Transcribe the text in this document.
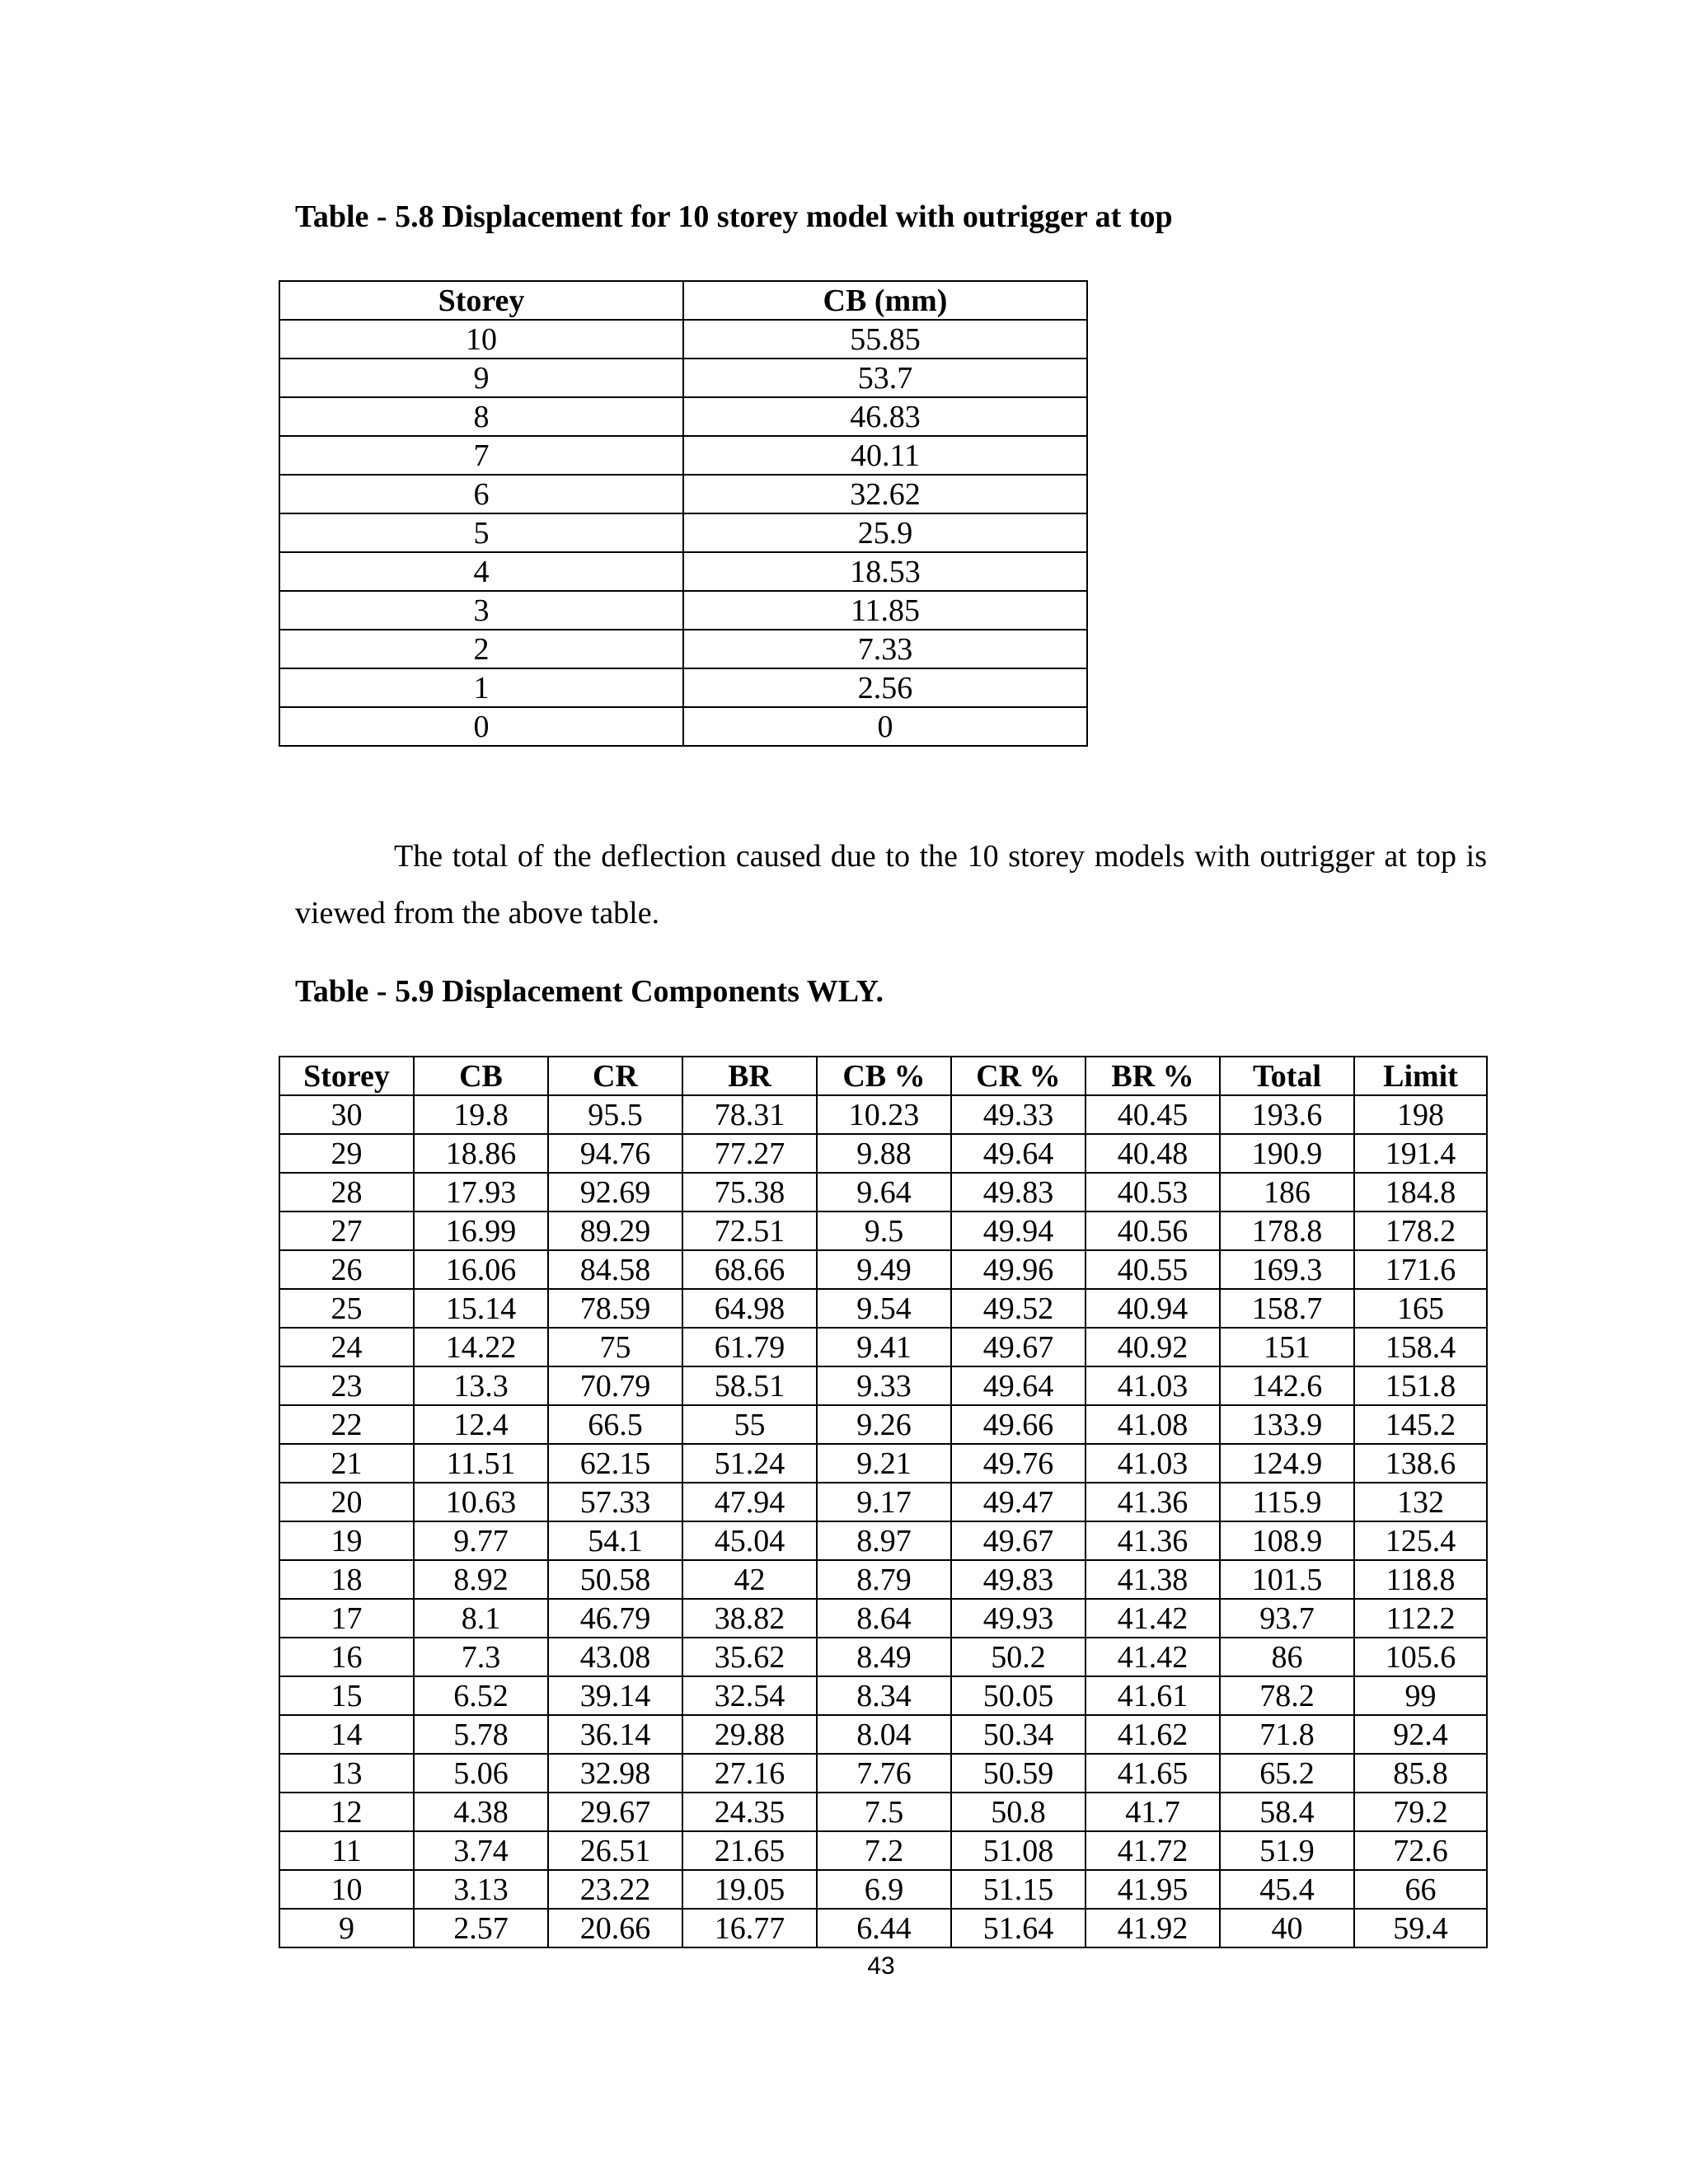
Table - 5.8 Displacement for 10 storey model with outrigger at top

Storey	CB (mm)
10	55.85
9	53.7
8	46.83
7	40.11
6	32.62
5	25.9
4	18.53
3	11.85
2	7.33
1	2.56
0	0

The total of the deflection caused due to the 10 storey models with outrigger at top is viewed from the above table.

Table - 5.9 Displacement Components WLY.

Storey	CB	CR	BR	CB %	CR %	BR %	Total	Limit
30	19.8	95.5	78.31	10.23	49.33	40.45	193.6	198
29	18.86	94.76	77.27	9.88	49.64	40.48	190.9	191.4
28	17.93	92.69	75.38	9.64	49.83	40.53	186	184.8
27	16.99	89.29	72.51	9.5	49.94	40.56	178.8	178.2
26	16.06	84.58	68.66	9.49	49.96	40.55	169.3	171.6
25	15.14	78.59	64.98	9.54	49.52	40.94	158.7	165
24	14.22	75	61.79	9.41	49.67	40.92	151	158.4
23	13.3	70.79	58.51	9.33	49.64	41.03	142.6	151.8
22	12.4	66.5	55	9.26	49.66	41.08	133.9	145.2
21	11.51	62.15	51.24	9.21	49.76	41.03	124.9	138.6
20	10.63	57.33	47.94	9.17	49.47	41.36	115.9	132
19	9.77	54.1	45.04	8.97	49.67	41.36	108.9	125.4
18	8.92	50.58	42	8.79	49.83	41.38	101.5	118.8
17	8.1	46.79	38.82	8.64	49.93	41.42	93.7	112.2
16	7.3	43.08	35.62	8.49	50.2	41.42	86	105.6
15	6.52	39.14	32.54	8.34	50.05	41.61	78.2	99
14	5.78	36.14	29.88	8.04	50.34	41.62	71.8	92.4
13	5.06	32.98	27.16	7.76	50.59	41.65	65.2	85.8
12	4.38	29.67	24.35	7.5	50.8	41.7	58.4	79.2
11	3.74	26.51	21.65	7.2	51.08	41.72	51.9	72.6
10	3.13	23.22	19.05	6.9	51.15	41.95	45.4	66
9	2.57	20.66	16.77	6.44	51.64	41.92	40	59.4
43
